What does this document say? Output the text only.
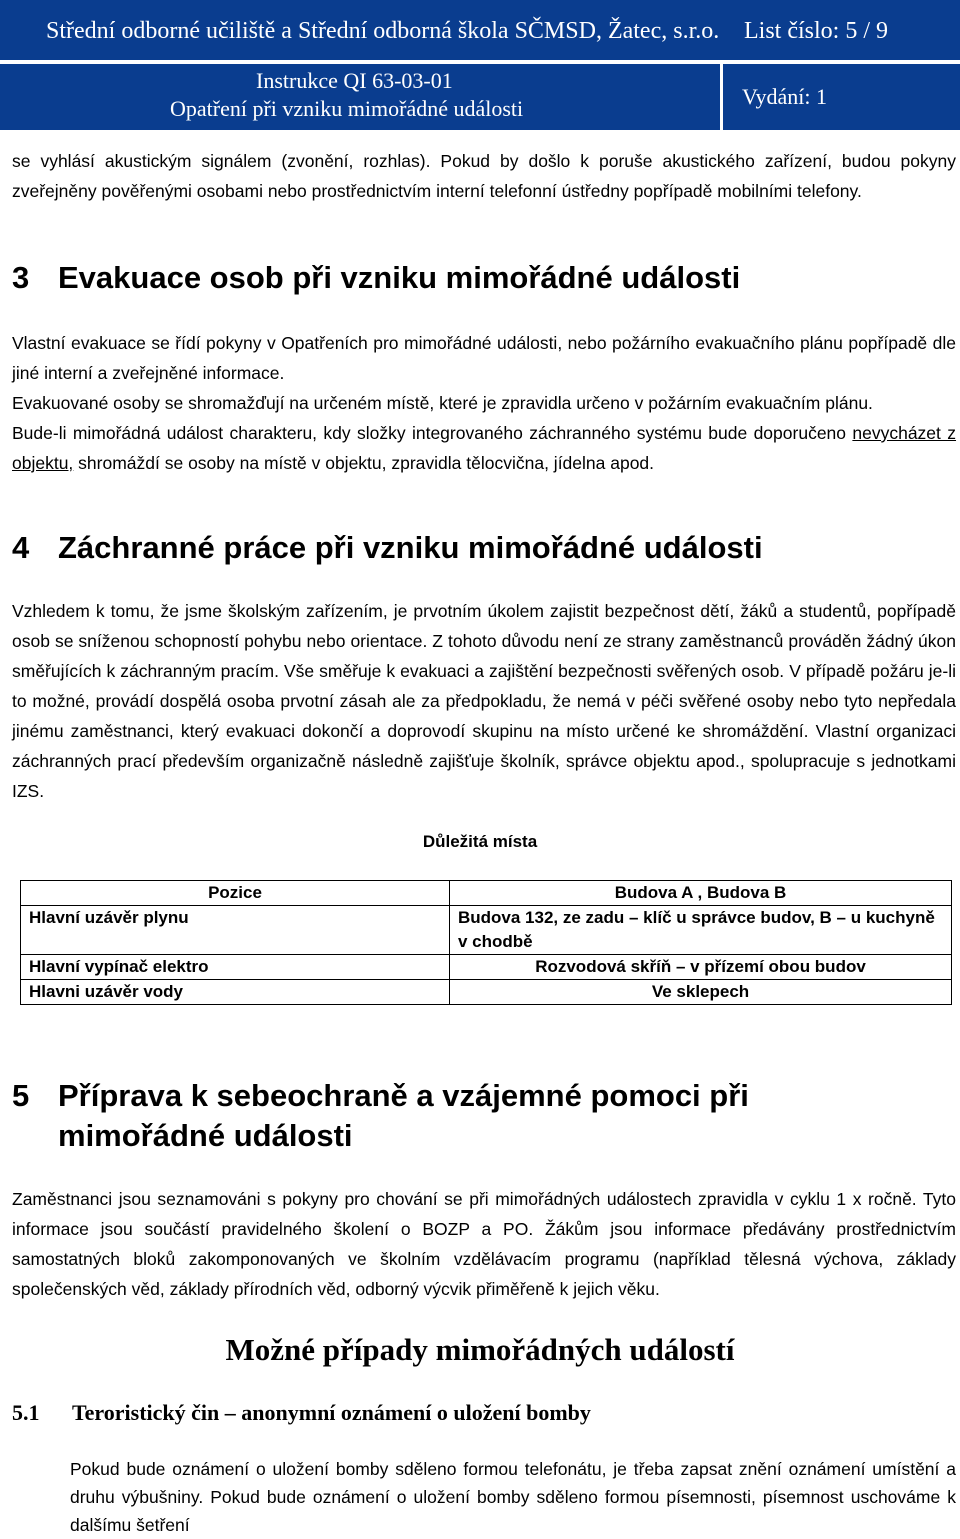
Střední odborné učiliště a Střední odborná škola SČMSD, Žatec, s.r.o. List číslo: 5 / 9
Instrukce QI 63-03-01
Opatření při vzniku mimořádné události	Vydání: 1

se vyhlásí akustickým signálem (zvonění, rozhlas). Pokud by došlo k poruše akustického zařízení, budou pokyny zveřejněny pověřenými osobami nebo prostřednictvím interní telefonní ústředny popřípadě mobilními telefony.

3 Evakuace osob při vzniku mimořádné události

Vlastní evakuace se řídí pokyny v Opatřeních pro mimořádné události, nebo požárního evakuačního plánu popřípadě dle jiné interní a zveřejněné informace.

Evakuované osoby se shromažďují na určeném místě, které je zpravidla určeno v požárním evakuačním plánu.

Bude-li mimořádná událost charakteru, kdy složky integrovaného záchranného systému bude doporučeno nevycházet z objektu, shromáždí se osoby na místě v objektu, zpravidla tělocvična, jídelna apod.

4 Záchranné práce při vzniku mimořádné události

Vzhledem k tomu, že jsme školským zařízením, je prvotním úkolem zajistit bezpečnost dětí, žáků a studentů, popřípadě osob se sníženou schopností pohybu nebo orientace. Z tohoto důvodu není ze strany zaměstnanců prováděn žádný úkon směřujících k záchranným pracím. Vše směřuje k evakuaci a zajištění bezpečnosti svěřených osob. V případě požáru je-li to možné, provádí dospělá osoba prvotní zásah ale za předpokladu, že nemá v péči svěřené osoby nebo tyto nepředala jinému zaměstnanci, který evakuaci dokončí a doprovodí skupinu na místo určené ke shromáždění. Vlastní organizaci záchranných prací především organizačně následně zajišťuje školník, správce objektu apod., spolupracuje s jednotkami IZS.

Důležitá místa
Pozice	Budova A , Budova B
Hlavní uzávěr plynu	Budova 132, ze zadu – klíč u správce budov, B – u kuchyně v chodbě
Hlavní vypínač elektro	Rozvodová skříň – v přízemí obou budov
Hlavni uzávěr vody	Ve sklepech
5 Příprava k sebeochraně a vzájemné pomoci při
mimořádné události

Zaměstnanci jsou seznamováni s pokyny pro chování se při mimořádných událostech zpravidla v cyklu 1 x ročně. Tyto informace jsou součástí pravidelného školení o BOZP a PO. Žákům jsou informace předávány prostřednictvím samostatných bloků zakomponovaných ve školním vzdělávacím programu (například tělesná výchova, základy společenských věd, základy přírodních věd, odborný výcvik přiměřeně k jejich věku.

Možné případy mimořádných událostí
5.1 Teroristický čin – anonymní oznámení o uložení bomby

Pokud bude oznámení o uložení bomby sděleno formou telefonátu, je třeba zapsat znění oznámení umístění a druhu výbušniny. Pokud bude oznámení o uložení bomby sděleno formou písemnosti, písemnost uschováme k dalšímu šetření
